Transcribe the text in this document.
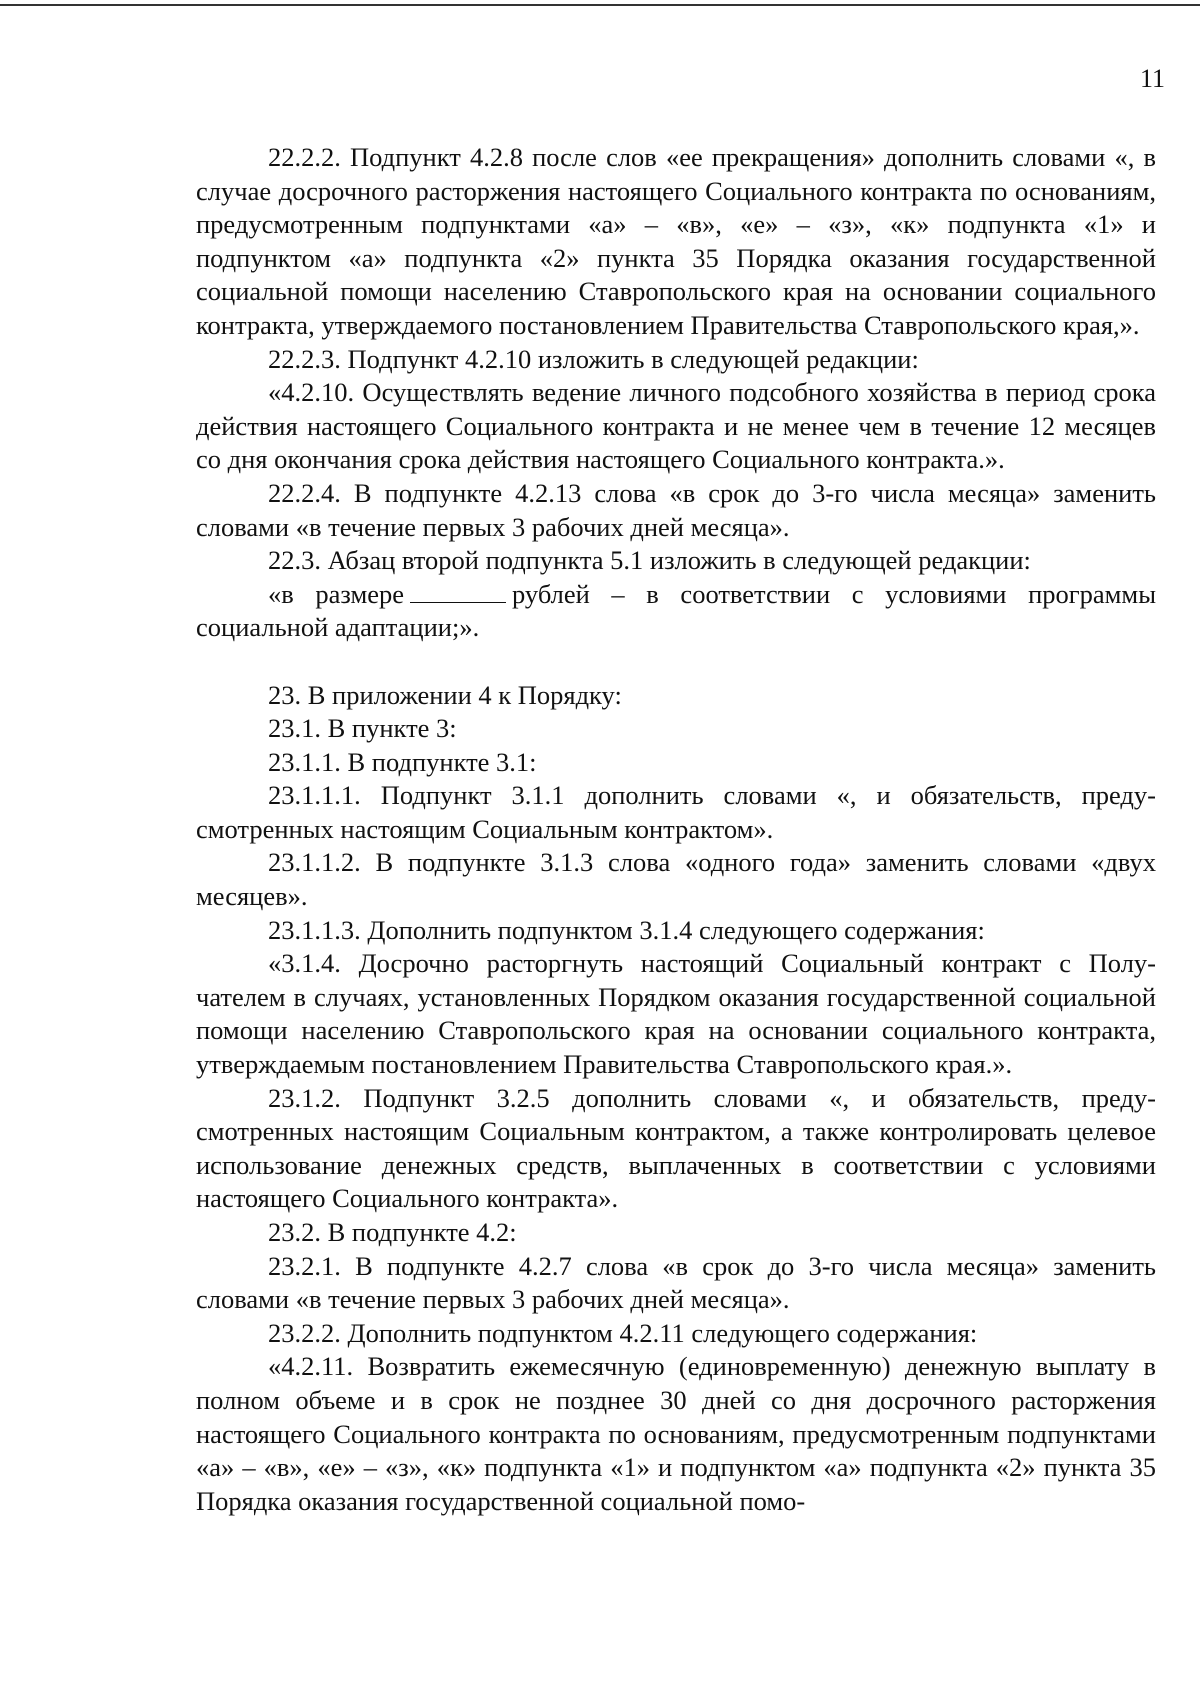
11

22.2.2. Подпункт 4.2.8 после слов «ее прекращения» дополнить словами «, в случае досрочного расторжения настоящего Социального контракта по основаниям, предусмотренным подпунктами «а» – «в», «е» – «з», «к» подпункта «1» и подпунктом «а» подпункта «2» пункта 35 Порядка оказания государственной социальной помощи населению Ставропольского края на основании социального контракта, утверждаемого постановлением Правительства Ставропольского края,».

22.2.3. Подпункт 4.2.10 изложить в следующей редакции:

«4.2.10. Осуществлять ведение личного подсобного хозяйства в период срока действия настоящего Социального контракта и не менее чем в течение 12 месяцев со дня окончания срока действия настоящего Социального контракта.».

22.2.4. В подпункте 4.2.13 слова «в срок до 3-го числа месяца» заменить словами «в течение первых 3 рабочих дней месяца».

22.3. Абзац второй подпункта 5.1 изложить в следующей редакции:

«в размере	рублей – в соответствии с условиями программы социальной адаптации;».

23. В приложении 4 к Порядку:

23.1. В пункте 3:

23.1.1. В подпункте 3.1:

23.1.1.1. Подпункт 3.1.1 дополнить словами «, и обязательств, предусмотренных настоящим Социальным контрактом».

23.1.1.2. В подпункте 3.1.3 слова «одного года» заменить словами «двух месяцев».

23.1.1.3. Дополнить подпунктом 3.1.4 следующего содержания:

«3.1.4. Досрочно расторгнуть настоящий Социальный контракт с Получателем в случаях, установленных Порядком оказания государственной социальной помощи населению Ставропольского края на основании социального контракта, утверждаемым постановлением Правительства Ставропольского края.».

23.1.2. Подпункт 3.2.5 дополнить словами «, и обязательств, предусмотренных настоящим Социальным контрактом, а также контролировать целевое использование денежных средств, выплаченных в соответствии с условиями настоящего Социального контракта».

23.2. В подпункте 4.2:

23.2.1. В подпункте 4.2.7 слова «в срок до 3-го числа месяца» заменить словами «в течение первых 3 рабочих дней месяца».

23.2.2. Дополнить подпунктом 4.2.11 следующего содержания:

«4.2.11. Возвратить ежемесячную (единовременную) денежную выплату в полном объеме и в срок не позднее 30 дней со дня досрочного расторжения настоящего Социального контракта по основаниям, предусмотренным подпунктами «а» – «в», «е» – «з», «к» подпункта «1» и подпунктом «а» подпункта «2» пункта 35 Порядка оказания государственной социальной помо-
